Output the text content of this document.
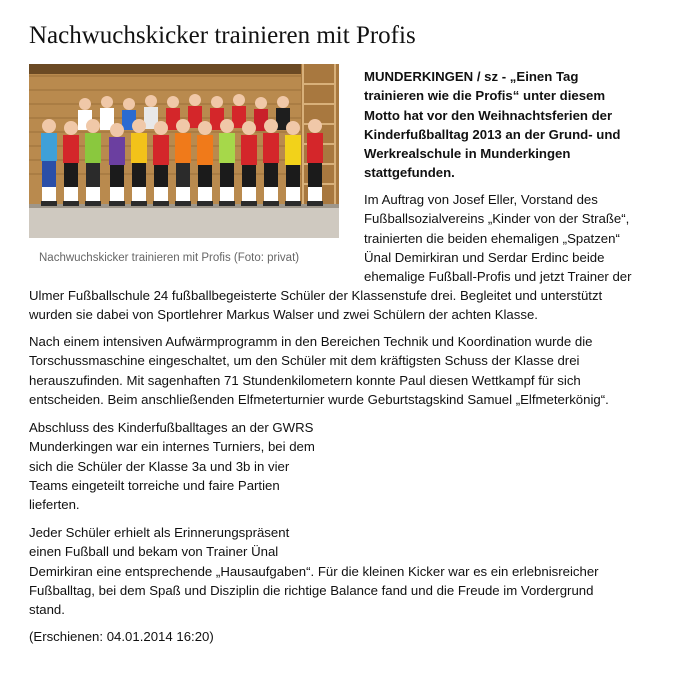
Nachwuchskicker trainieren mit Profis
Nachwuchskicker trainieren mit Profis (Foto: privat)

MUNDERKINGEN / sz - „Einen Tag
trainieren wie die Profis“ unter diesem
Motto hat vor den Weihnachtsferien der
Kinderfußballtag 2013 an der Grund- und
Werkrealschule in Munderkingen
stattgefunden.

Im Auftrag von Josef Eller, Vorstand des
Fußballsozialvereins „Kinder von der Straße“,
trainierten die beiden ehemaligen „Spatzen“
Ünal Demirkiran und Serdar Erdinc beide
ehemalige Fußball-Profis und jetzt Trainer der
Ulmer Fußballschule 24 fußballbegeisterte Schüler der Klassenstufe drei. Begleitet und unterstützt
wurden sie dabei von Sportlehrer Markus Walser und zwei Schülern der achten Klasse.
Nach einem intensiven Aufwärmprogramm in den Bereichen Technik und Koordination wurde die
Torschussmaschine eingeschaltet, um den Schüler mit dem kräftigsten Schuss der Klasse drei
herauszufinden. Mit sagenhaften 71 Stundenkilometern konnte Paul diesen Wettkampf für sich
entscheiden. Beim anschließenden Elfmeterturnier wurde Geburtstagskind Samuel „Elfmeterkönig“.
Abschluss des Kinderfußballtages an der GWRS
Munderkingen war ein internes Turniers, bei dem
sich die Schüler der Klasse 3a und 3b in vier
Teams eingeteilt torreiche und faire Partien
lieferten.
Jeder Schüler erhielt als Erinnerungspräsent
einen Fußball und bekam von Trainer Ünal
Demirkiran eine entsprechende „Hausaufgaben“. Für die kleinen Kicker war es ein erlebnisreicher
Fußballtag, bei dem Spaß und Disziplin die richtige Balance fand und die Freude im Vordergrund
stand.
(Erschienen: 04.01.2014 16:20)
